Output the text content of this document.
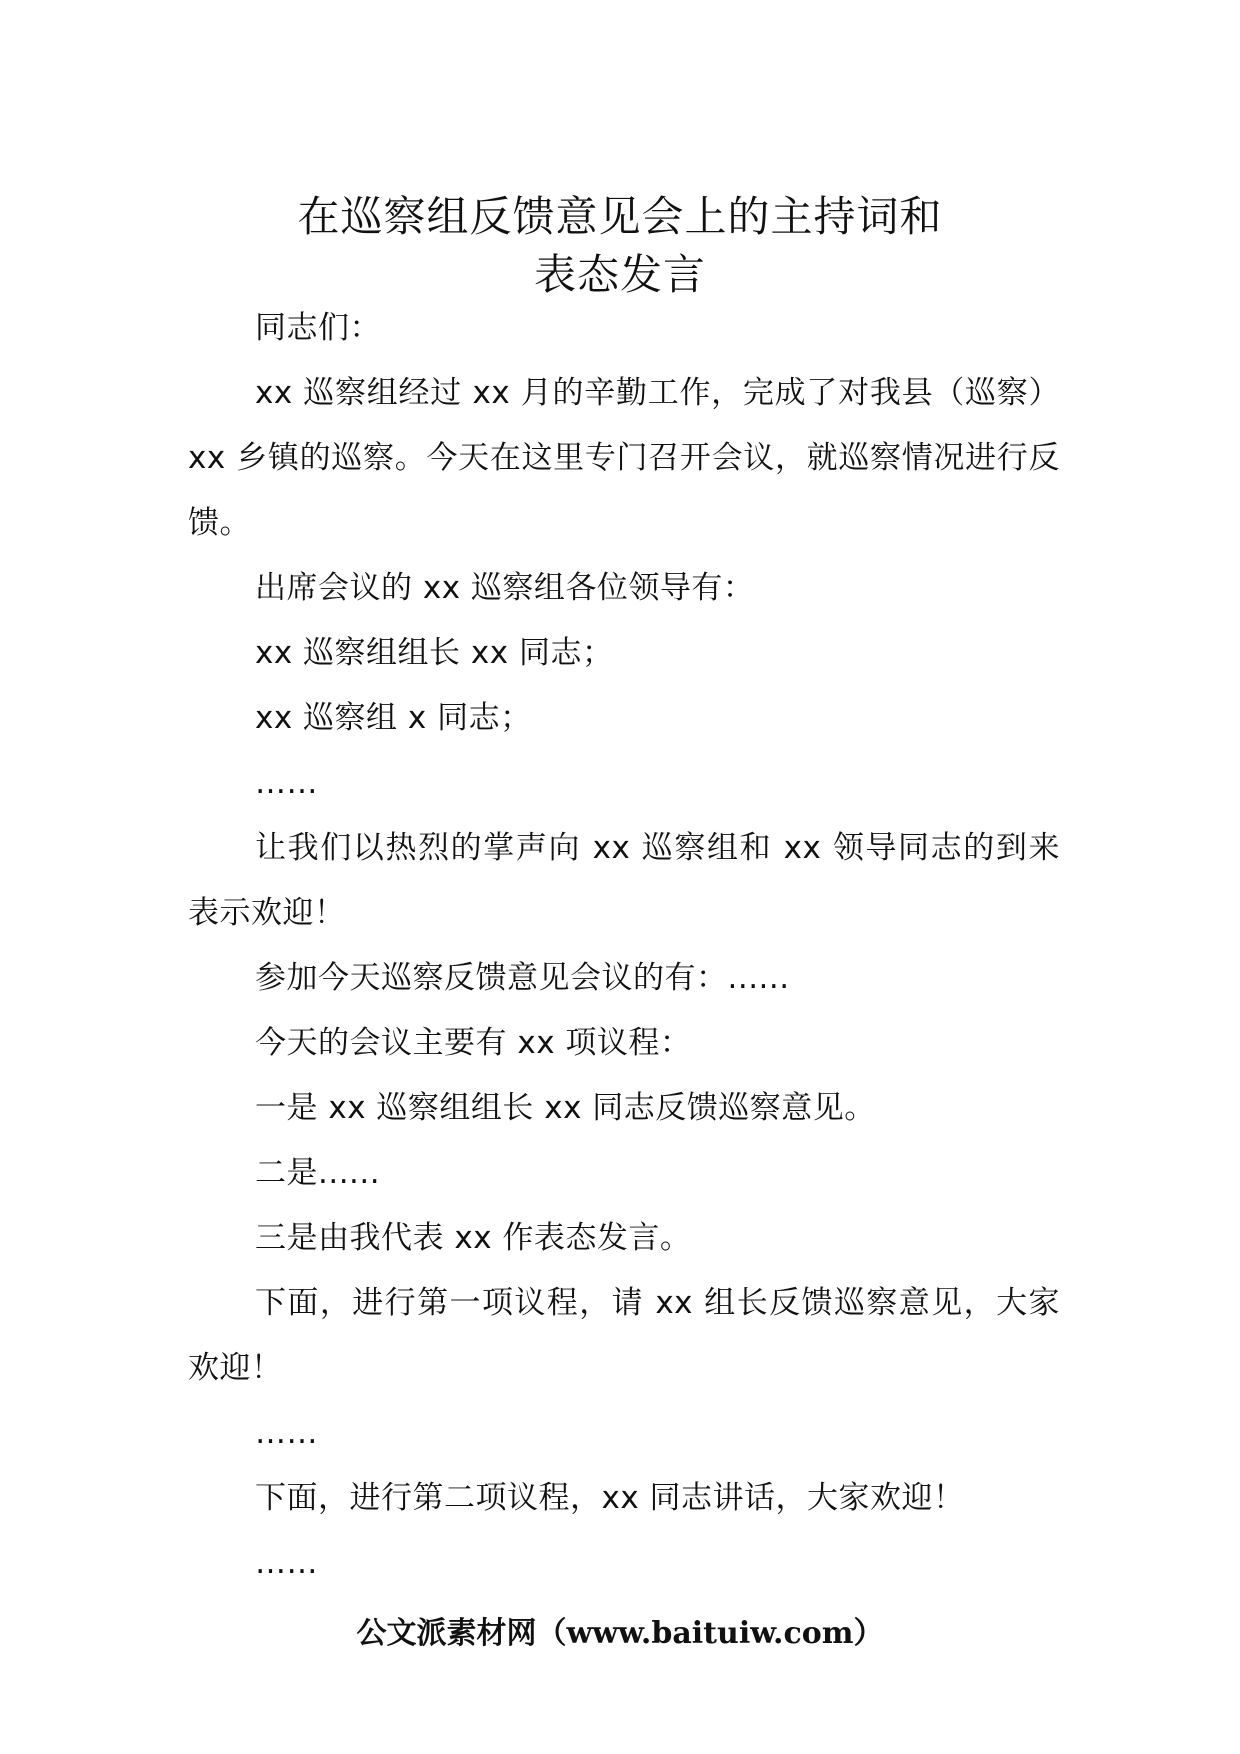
在巡察组反馈意见会上的主持词和
表态发言

同志们：

xx 巡察组经过 xx 月的辛勤工作，完成了对我县（巡察）xx 乡镇的巡察。今天在这里专门召开会议，就巡察情况进行反馈。

出席会议的 xx 巡察组各位领导有：

xx 巡察组组长 xx 同志；

xx 巡察组 x 同志；

……

让我们以热烈的掌声向 xx 巡察组和 xx 领导同志的到来表示欢迎！

参加今天巡察反馈意见会议的有：......

今天的会议主要有 xx 项议程：

一是 xx 巡察组组长 xx 同志反馈巡察意见。

二是......

三是由我代表 xx 作表态发言。

下面，进行第一项议程，请 xx 组长反馈巡察意见，大家欢迎！

……

下面，进行第二项议程，xx 同志讲话，大家欢迎！

……

公文派素材网（www.baituiw.com）
